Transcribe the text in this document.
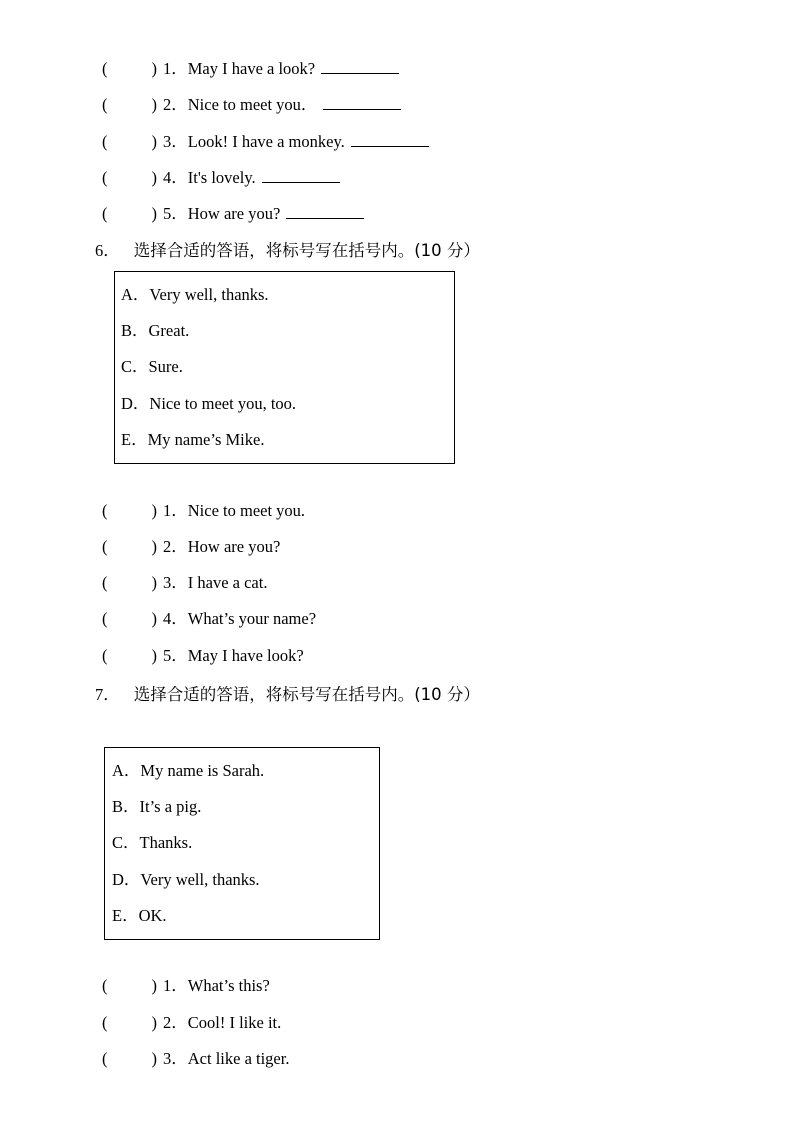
(	) 1．May I have a look?
(	) 2．Nice to meet you．
(	) 3．Look! I have a monkey.
(	) 4．It's lovely.
(	) 5．How are you?
6． 选择合适的答语，将标号写在括号内。(10 分）
A．Very well, thanks.
B．Great.
C．Sure.
D．Nice to meet you, too.
E．My name’s Mike.
(	) 1．Nice to meet you.
(	) 2．How are you?
(	) 3．I have a cat.
(	) 4．What’s your name?
(	) 5．May I have look?
7． 选择合适的答语，将标号写在括号内。(10 分）
A．My name is Sarah.
B．It’s a pig.
C．Thanks.
D．Very well, thanks.
E．OK.
(	) 1．What’s this?
(	) 2．Cool! I like it.
(	) 3．Act like a tiger.
